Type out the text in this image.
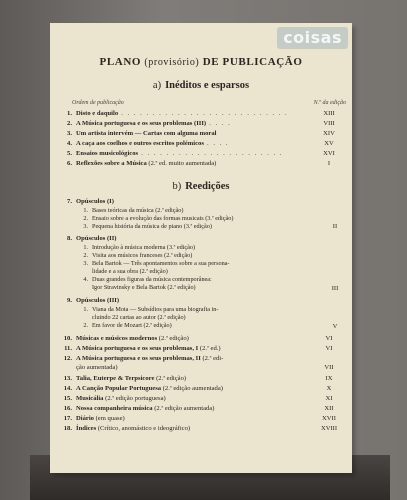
coisas
PLANO (provisório) DE PUBLICAÇÃO
a) Inéditos e esparsos
Ordem de publicação	N.º da edição
1. Disto e daquilo . . . . . . . . . . . . . . . . . . . . . . . . . . .	XIII
2. A Música portuguesa e os seus problemas (III) . . . .	VIII
3. Um artista intervém — Cartas com alguma moral	XIV
4. A caça aos coelhos e outros escritos polémicos . . . .	XV
5. Ensaios musicológicos . . . . . . . . . . . . . . . . . . . . . . .	XVI
6. Reflexões sobre a Música (2.ª ed. muito aumentada)	I
b) Reedições
7. Opúsculos (I)
1. Bases teóricas da música (2.ª edição)
2. Ensaio sobre a evolução das formas musicais (3.ª edição)
3. Pequena história da música de piano (3.ª edição)	II
8. Opúsculos (II)
1. Introdução à música moderna (3.ª edição)
2. Visita aos músicos franceses (2.ª edição)
3. Bela Bartok — Três apontamentos sobre a sua persona-
lidade e a sua obra (2.ª edição)
4. Duas grandes figuras da música contemporânea:
Igor Stravinsky e Bela Bartok (2.ª edição)	III
9. Opúsculos (III)
1. Viana da Mota — Subsídios para uma biografia in-
cluindo 22 cartas ao autor (2.ª edição)
2. Em favor de Mozart (2.ª edição)	V
10. Músicas e músicos modernos (2.ª edição)	VI
11. A Música portuguesa e os seus problemas, I (2.ª ed.)	VI
12. A Música portuguesa e os seus problemas, II (2.ª edi-
ção aumentada)	VII
13. Talia, Euterpe & Terpsicore (2.ª edição)	IX
14. A Canção Popular Portuguesa (2.ª edição aumentada)	X
15. Musicália (2.ª edição portuguesa)	XI
16. Nossa companheira música (2.ª edição aumentada)	XII
17. Diário (em quase)	XVII
18. Índices (Crítico, anomástico e ideográfico)	XVIII
